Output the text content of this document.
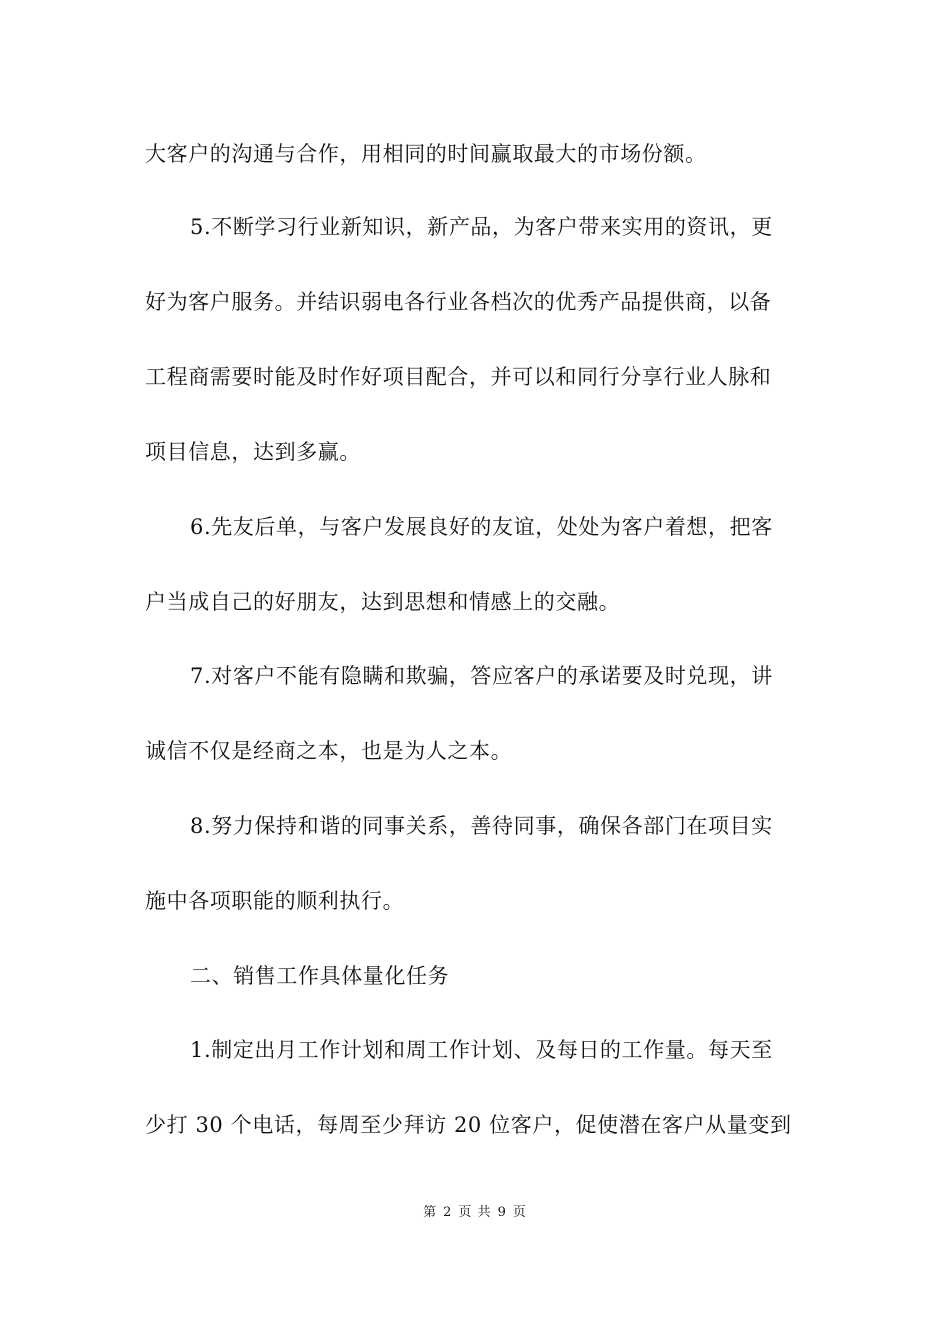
大客户的沟通与合作，用相同的时间赢取最大的市场份额。
5.不断学习行业新知识，新产品，为客户带来实用的资讯，更
好为客户服务。并结识弱电各行业各档次的优秀产品提供商，以备
工程商需要时能及时作好项目配合，并可以和同行分享行业人脉和
项目信息，达到多赢。
6.先友后单，与客户发展良好的友谊，处处为客户着想，把客
户当成自己的好朋友，达到思想和情感上的交融。
7.对客户不能有隐瞒和欺骗，答应客户的承诺要及时兑现，讲
诚信不仅是经商之本，也是为人之本。
8.努力保持和谐的同事关系，善待同事，确保各部门在项目实
施中各项职能的顺利执行。
二、销售工作具体量化任务
1.制定出月工作计划和周工作计划、及每日的工作量。每天至
少打 30 个电话，每周至少拜访 20 位客户，促使潜在客户从量变到
第 2 页 共 9 页
